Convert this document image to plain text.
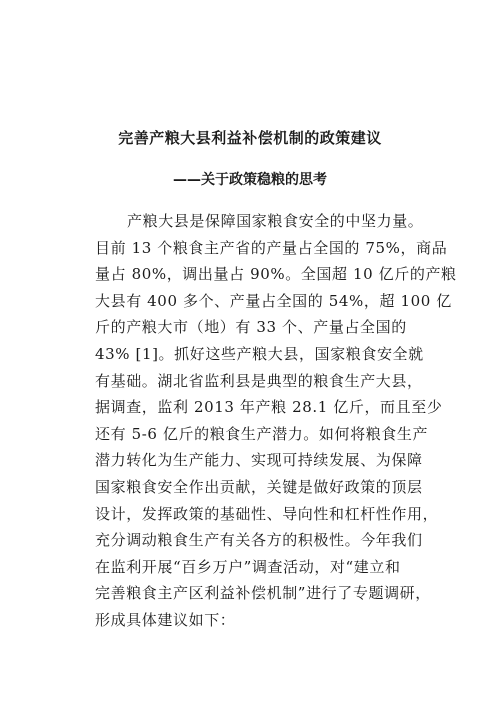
完善产粮大县利益补偿机制的政策建议
——关于政策稳粮的思考
产粮大县是保障国家粮食安全的中坚力量。
目前 13 个粮食主产省的产量占全国的 75%，商品
量占 80%，调出量占 90%。全国超 10 亿斤的产粮
大县有 400 多个、产量占全国的 54%，超 100 亿
斤的产粮大市（地）有 33 个、产量占全国的
43% [1]。抓好这些产粮大县，国家粮食安全就
有基础。湖北省监利县是典型的粮食生产大县，
据调查，监利 2013 年产粮 28.1 亿斤，而且至少
还有 5-6 亿斤的粮食生产潜力。如何将粮食生产
潜力转化为生产能力、实现可持续发展、为保障
国家粮食安全作出贡献，关键是做好政策的顶层
设计，发挥政策的基础性、导向性和杠杆性作用，
充分调动粮食生产有关各方的积极性。今年我们
在监利开展“百乡万户”调查活动，对“建立和
完善粮食主产区利益补偿机制”进行了专题调研，
形成具体建议如下：
